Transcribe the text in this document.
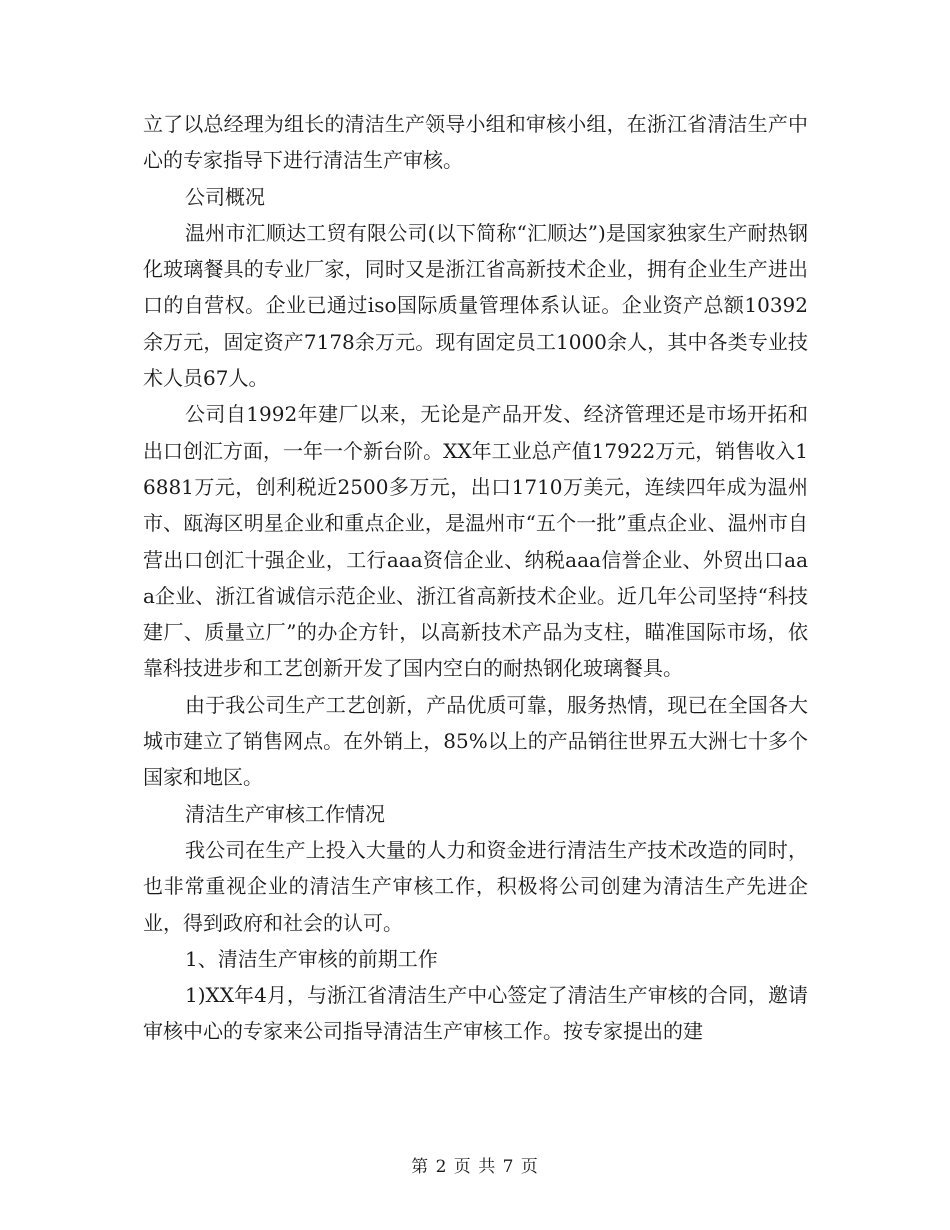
立了以总经理为组长的清洁生产领导小组和审核小组，在浙江省清洁生产中心的专家指导下进行清洁生产审核。

公司概况

温州市汇顺达工贸有限公司(以下简称“汇顺达”)是国家独家生产耐热钢化玻璃餐具的专业厂家，同时又是浙江省高新技术企业，拥有企业生产进出口的自营权。企业已通过iso国际质量管理体系认证。企业资产总额10392余万元，固定资产7178余万元。现有固定员工1000余人，其中各类专业技术人员67人。

公司自1992年建厂以来，无论是产品开发、经济管理还是市场开拓和出口创汇方面，一年一个新台阶。XX年工业总产值17922万元，销售收入16881万元，创利税近2500多万元，出口1710万美元，连续四年成为温州市、瓯海区明星企业和重点企业，是温州市“五个一批”重点企业、温州市自营出口创汇十强企业，工行aaa资信企业、纳税aaa信誉企业、外贸出口aaa企业、浙江省诚信示范企业、浙江省高新技术企业。近几年公司坚持“科技建厂、质量立厂”的办企方针，以高新技术产品为支柱，瞄准国际市场，依靠科技进步和工艺创新开发了国内空白的耐热钢化玻璃餐具。

由于我公司生产工艺创新，产品优质可靠，服务热情，现已在全国各大城市建立了销售网点。在外销上，85%以上的产品销往世界五大洲七十多个国家和地区。

清洁生产审核工作情况

我公司在生产上投入大量的人力和资金进行清洁生产技术改造的同时，也非常重视企业的清洁生产审核工作，积极将公司创建为清洁生产先进企业，得到政府和社会的认可。

1、清洁生产审核的前期工作

1)XX年4月，与浙江省清洁生产中心签定了清洁生产审核的合同，邀请审核中心的专家来公司指导清洁生产审核工作。按专家提出的建

第 2 页 共 7 页
